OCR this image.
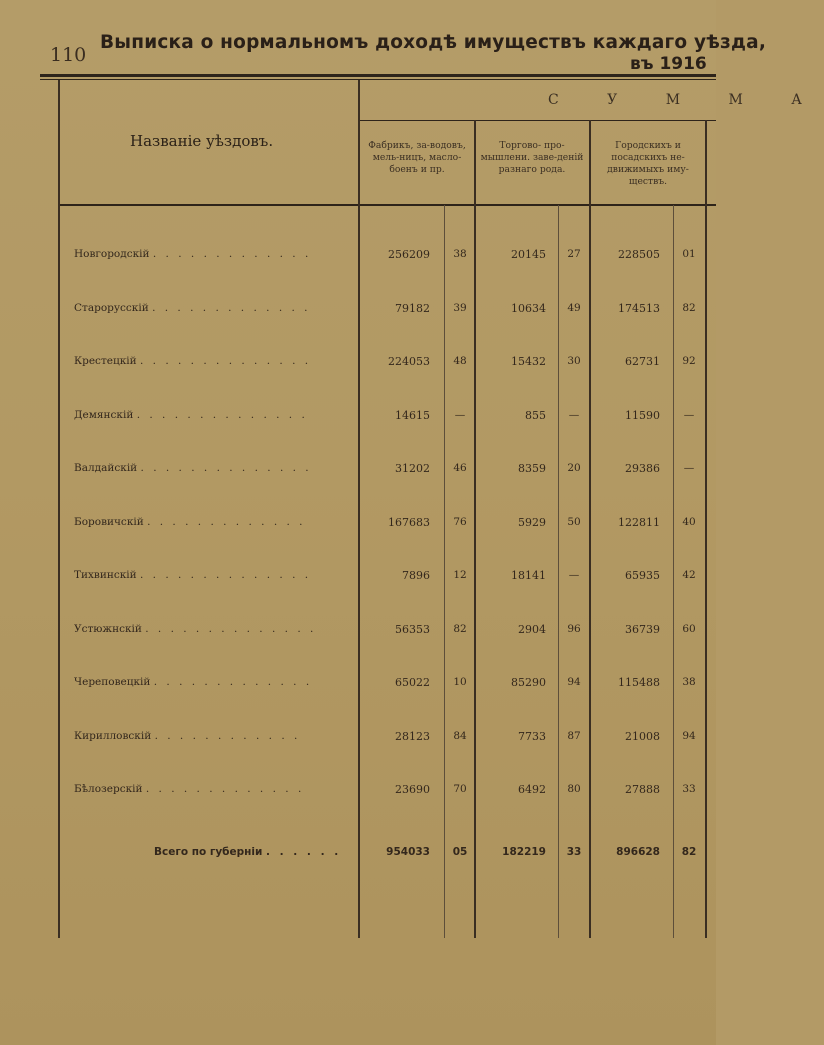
110
Выписка о нормальномъ доходѣ имуществъ каждаго уѣзда,
въ 1916
Названіе уѣздовъ.
С У М М А
Фабрикъ, за-водовъ, мель-ницъ, масло-боенъ и пр.
Торгово- про-мышлени. заве-деній разнаго рода.
Городскихъ и посадскихъ не-движимыхъ иму-ществъ.
Новгородскій . . . . . . . . . . . . .	256209	38	20145	27	228505	01
Старорусскій . . . . . . . . . . . . .	79182	39	10634	49	174513	82
Крестецкій . . . . . . . . . . . . . .	224053	48	15432	30	62731	92
Демянскій . . . . . . . . . . . . . .	14615	—	855	—	11590	—
Валдайскій . . . . . . . . . . . . . .	31202	46	8359	20	29386	—
Боровичскій . . . . . . . . . . . . .	167683	76	5929	50	122811	40
Тихвинскій . . . . . . . . . . . . . .	7896	12	18141	—	65935	42
Устюжнскій . . . . . . . . . . . . . .	56353	82	2904	96	36739	60
Череповецкій . . . . . . . . . . . . .	65022	10	85290	94	115488	38
Кирилловскій . . . . . . . . . . . .	28123	84	7733	87	21008	94
Бѣлозерскій . . . . . . . . . . . . .	23690	70	6492	80	27888	33
Всего по губерніи . . . . . .	954033	05	182219	33	896628	82
